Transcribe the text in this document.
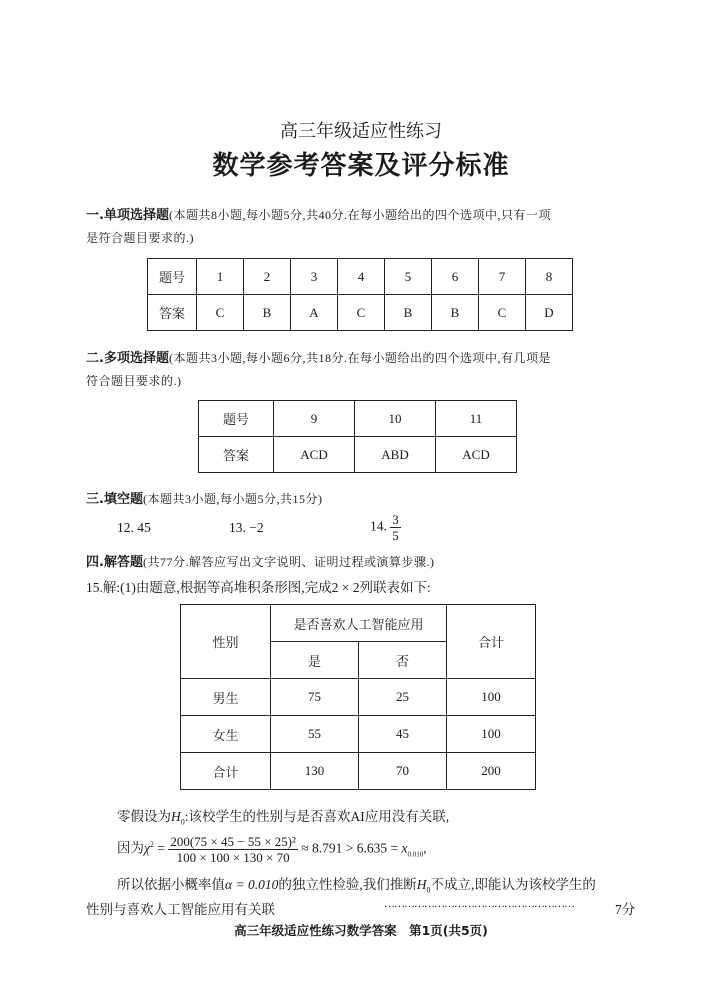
高三年级适应性练习
数学参考答案及评分标准
一.单项选择题(本题共8小题,每小题5分,共40分.在每小题给出的四个选项中,只有一项
是符合题目要求的.)
题号	1	2	3	4	5	6	7	8
答案	C	B	A	C	B	B	C	D
二.多项选择题(本题共3小题,每小题6分,共18分.在每小题给出的四个选项中,有几项是
符合题目要求的.)
题号	9	10	11
答案	ACD	ABD	ACD
三.填空题(本题共3小题,每小题5分,共15分)
12. 45	13. −2	14. $\frac{3}{5}$
四.解答题(共77分.解答应写出文字说明、证明过程或演算步骤.)
15.解:(1)由题意,根据等高堆积条形图,完成2 × 2列联表如下:
性别	是否喜欢人工智能应用		合计
	是	否	
男生	75	25	100
女生	55	45	100
合计	130	70	200
零假设为$H_0$:该校学生的性别与是否喜欢AI应用没有关联,
因为$\chi^2 = \frac{\text{200(75 × 45 − 55 × 25)²}}{100 \times 100 \times 130 \times 70} \approx 8.791 > 6.635 = x_{0.010}$,
所以依据小概率值α = 0.010的独立性检验,我们推断$H_0$不成立,即能认为该校学生的
性别与喜欢人工智能应用有关联	…………………………………………………	7分
高三年级适应性练习数学答案　第1页(共5页)
